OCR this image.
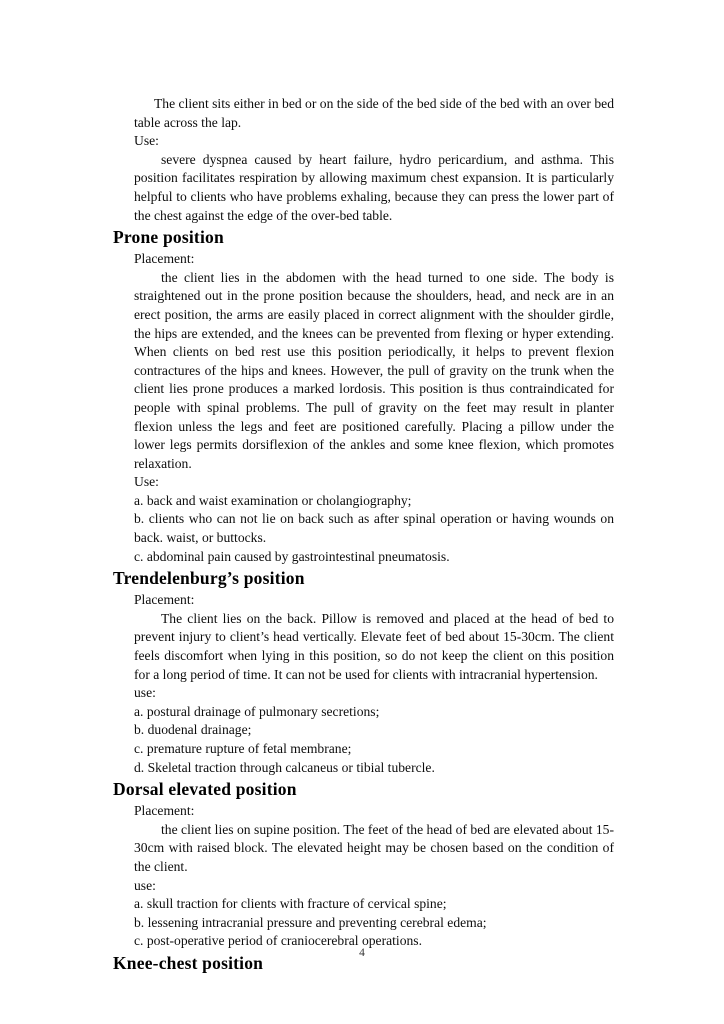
The client sits either in bed or on the side of the bed side of the bed with an over bed table across the lap.

Use:

severe dyspnea caused by heart failure, hydro pericardium, and asthma. This position facilitates respiration by allowing maximum chest expansion. It is particularly helpful to clients who have problems exhaling, because they can press the lower part of the chest against the edge of the over-bed table.

Prone position

Placement:

the client lies in the abdomen with the head turned to one side. The body is straightened out in the prone position because the shoulders, head, and neck are in an erect position, the arms are easily placed in correct alignment with the shoulder girdle, the hips are extended, and the knees can be prevented from flexing or hyper extending. When clients on bed rest use this position periodically, it helps to prevent flexion contractures of the hips and knees. However, the pull of gravity on the trunk when the client lies prone produces a marked lordosis. This position is thus contraindicated for people with spinal problems. The pull of gravity on the feet may result in planter flexion unless the legs and feet are positioned carefully. Placing a pillow under the lower legs permits dorsiflexion of the ankles and some knee flexion, which promotes relaxation.

Use:

a. back and waist examination or cholangiography;

b. clients who can not lie on back such as after spinal operation or having wounds on back. waist, or buttocks.

c. abdominal pain caused by gastrointestinal pneumatosis.

Trendelenburg’s position

Placement:

The client lies on the back. Pillow is removed and placed at the head of bed to prevent injury to client’s head vertically. Elevate feet of bed about 15-30cm. The client feels discomfort when lying in this position, so do not keep the client on this position for a long period of time. It can not be used for clients with intracranial hypertension.

use:

a. postural drainage of pulmonary secretions;

b. duodenal drainage;

c. premature rupture of fetal membrane;

d. Skeletal traction through calcaneus or tibial tubercle.

Dorsal elevated position

Placement:

the client lies on supine position. The feet of the head of bed are elevated about 15-30cm with raised block. The elevated height may be chosen based on the condition of the client.

use:

a. skull traction for clients with fracture of cervical spine;

b. lessening intracranial pressure and preventing cerebral edema;

c. post-operative period of craniocerebral operations.

Knee-chest position	4
